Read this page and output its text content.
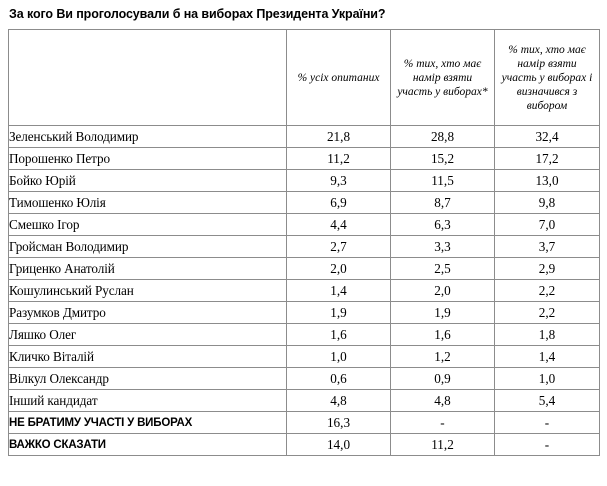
За кого Ви проголосували б на виборах Президента України?

	% усіх опитаних	% тих, хто має намір взяти участь у виборах*	% тих, хто має намір взяти участь у виборах і визначився з вибором

Зеленський Володимир	21,8	28,8	32,4
Порошенко Петро	11,2	15,2	17,2
Бойко Юрій	9,3	11,5	13,0
Тимошенко Юлія	6,9	8,7	9,8
Смешко Ігор	4,4	6,3	7,0
Гройсман Володимир	2,7	3,3	3,7
Гриценко Анатолій	2,0	2,5	2,9
Кошулинський Руслан	1,4	2,0	2,2
Разумков Дмитро	1,9	1,9	2,2
Ляшко Олег	1,6	1,6	1,8
Кличко Віталій	1,0	1,2	1,4
Вілкул Олександр	0,6	0,9	1,0
Інший кандидат	4,8	4,8	5,4
НЕ БРАТИМУ УЧАСТІ У ВИБОРАХ	16,3	-	-
ВАЖКО СКАЗАТИ	14,0	11,2	-
